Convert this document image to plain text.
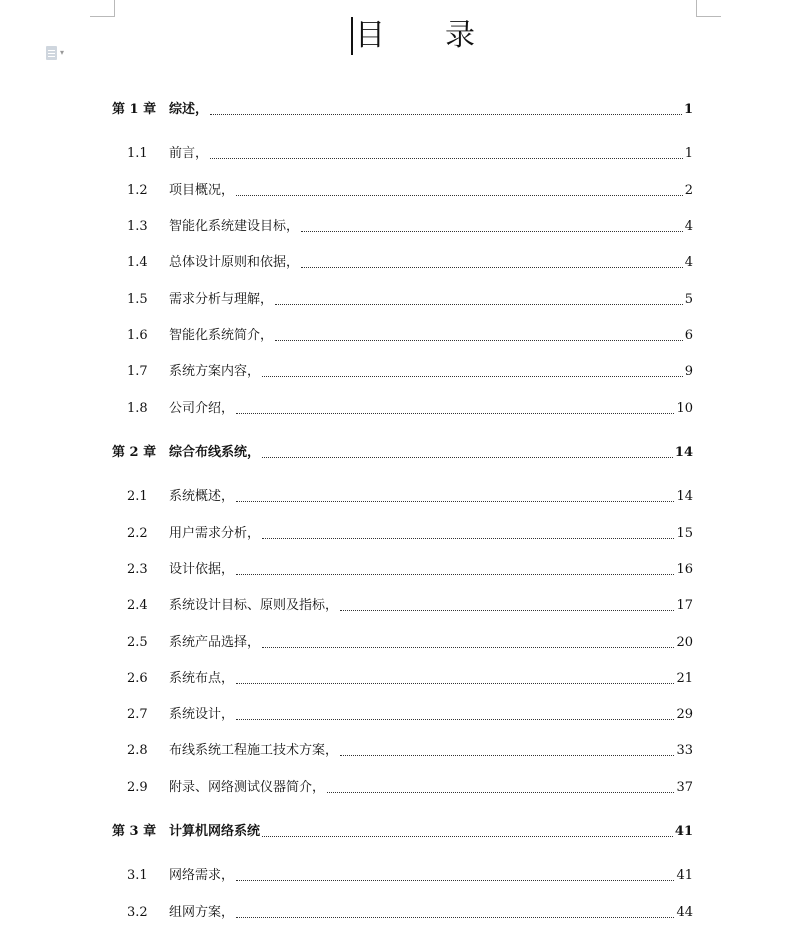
▾	目　　录
第 1 章 综述，	1
1.1 前言，	1
1.2 项目概况，	2
1.3 智能化系统建设目标，	4
1.4 总体设计原则和依据，	4
1.5 需求分析与理解，	5
1.6 智能化系统简介，	6
1.7 系统方案内容，	9
1.8 公司介绍，	10
第 2 章 综合布线系统，	14
2.1 系统概述，	14
2.2 用户需求分析，	15
2.3 设计依据，	16
2.4 系统设计目标、原则及指标，	17
2.5 系统产品选择，	20
2.6 系统布点，	21
2.7 系统设计，	29
2.8 布线系统工程施工技术方案，	33
2.9 附录、网络测试仪器简介，	37
第 3 章 计算机网络系统	41
3.1 网络需求，	41
3.2 组网方案，	44
